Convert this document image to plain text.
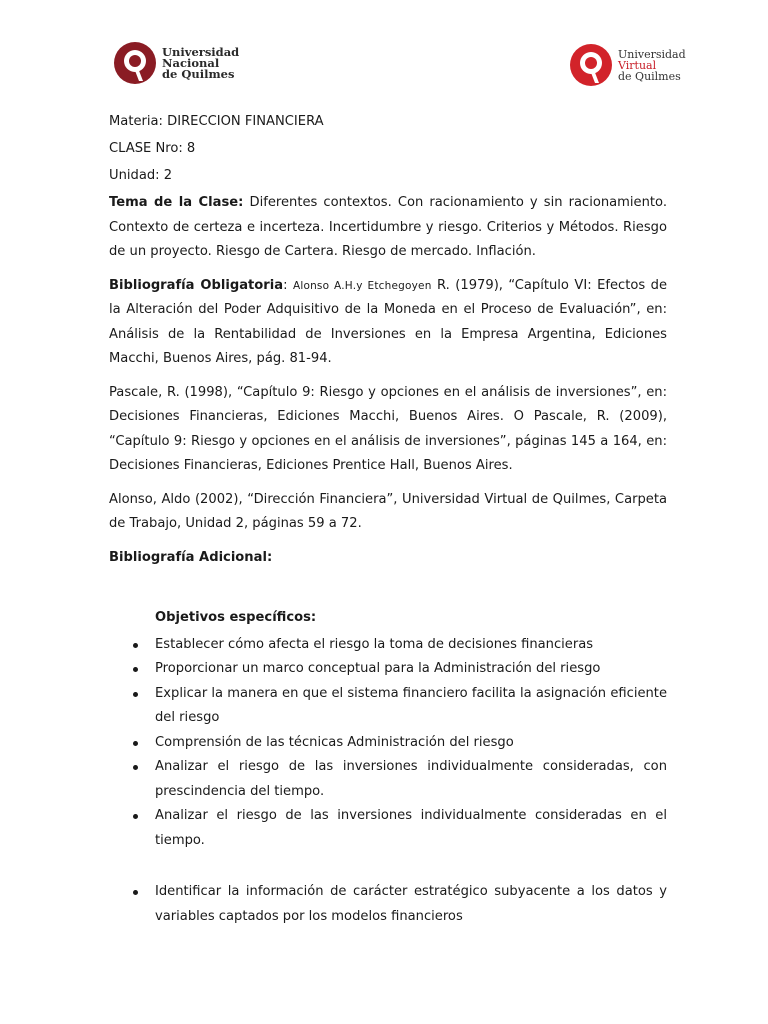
Universidad
Nacional
de Quilmes
Universidad
Virtual
de Quilmes

Materia: DIRECCION FINANCIERA

CLASE Nro: 8

Unidad: 2

Tema de la Clase: Diferentes contextos. Con racionamiento y sin racionamiento. Contexto de certeza e incerteza. Incertidumbre y riesgo. Criterios y Métodos. Riesgo de un proyecto. Riesgo de Cartera. Riesgo de mercado. Inflación.

Bibliografía Obligatoria: Alonso A.H.y Etchegoyen R. (1979), “Capítulo VI: Efectos de la Alteración del Poder Adquisitivo de la Moneda en el Proceso de Evaluación”, en: Análisis de la Rentabilidad de Inversiones en la Empresa Argentina, Ediciones Macchi, Buenos Aires, pág. 81-94.

Pascale, R. (1998), “Capítulo 9: Riesgo y opciones en el análisis de inversiones”, en: Decisiones Financieras, Ediciones Macchi, Buenos Aires. O Pascale, R. (2009), “Capítulo 9: Riesgo y opciones en el análisis de inversiones”, páginas 145 a 164, en: Decisiones Financieras, Ediciones Prentice Hall, Buenos Aires.

Alonso, Aldo (2002), “Dirección Financiera”, Universidad Virtual de Quilmes, Carpeta de Trabajo, Unidad 2, páginas 59 a 72.

Bibliografía Adicional:

Objetivos específicos:

Establecer cómo afecta el riesgo la toma de decisiones financieras
Proporcionar un marco conceptual para la Administración del riesgo
Explicar la manera en que el sistema financiero facilita la asignación eficiente del riesgo
Comprensión de las técnicas Administración del riesgo
Analizar el riesgo de las inversiones individualmente consideradas, con prescindencia del tiempo.
Analizar el riesgo de las inversiones individualmente consideradas en el tiempo.
Identificar la información de carácter estratégico subyacente a los datos y variables captados por los modelos financieros
